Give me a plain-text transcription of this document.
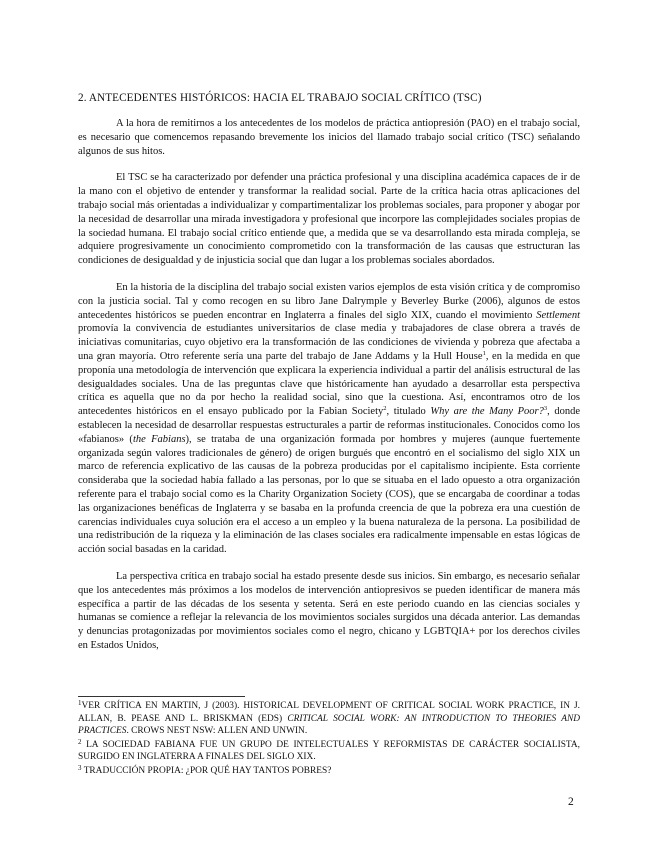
2. ANTECEDENTES HISTÓRICOS: HACIA EL TRABAJO SOCIAL CRÍTICO (TSC)

A la hora de remitirnos a los antecedentes de los modelos de práctica antiopresión (PAO) en el trabajo social, es necesario que comencemos repasando brevemente los inicios del llamado trabajo social crítico (TSC) señalando algunos de sus hitos.

El TSC se ha caracterizado por defender una práctica profesional y una disciplina académica capaces de ir de la mano con el objetivo de entender y transformar la realidad social. Parte de la crítica hacia otras aplicaciones del trabajo social más orientadas a individualizar y compartimentalizar los problemas sociales, para proponer y abogar por la necesidad de desarrollar una mirada investigadora y profesional que incorpore las complejidades sociales propias de la sociedad humana. El trabajo social crítico entiende que, a medida que se va desarrollando esta mirada compleja, se adquiere progresivamente un conocimiento comprometido con la transformación de las causas que estructuran las condiciones de desigualdad y de injusticia social que dan lugar a los problemas sociales abordados.

En la historia de la disciplina del trabajo social existen varios ejemplos de esta visión crítica y de compromiso con la justicia social. Tal y como recogen en su libro Jane Dalrymple y Beverley Burke (2006), algunos de estos antecedentes históricos se pueden encontrar en Inglaterra a finales del siglo XIX, cuando el movimiento Settlement promovía la convivencia de estudiantes universitarios de clase media y trabajadores de clase obrera a través de iniciativas comunitarias, cuyo objetivo era la transformación de las condiciones de vivienda y pobreza que afectaba a una gran mayoría. Otro referente sería una parte del trabajo de Jane Addams y la Hull House$^1$, en la medida en que proponía una metodología de intervención que explicara la experiencia individual a partir del análisis estructural de las desigualdades sociales. Una de las preguntas clave que históricamente han ayudado a desarrollar esta perspectiva crítica es aquella que no da por hecho la realidad social, sino que la cuestiona. Así, encontramos otro de los antecedentes históricos en el ensayo publicado por la Fabian Society$^2$, titulado Why are the Many Poor?$^3$, donde establecen la necesidad de desarrollar respuestas estructurales a partir de reformas institucionales. Conocidos como los «fabianos» (the Fabians), se trataba de una organización formada por hombres y mujeres (aunque fuertemente organizada según valores tradicionales de género) de origen burgués que encontró en el socialismo del siglo XIX un marco de referencia explicativo de las causas de la pobreza producidas por el capitalismo incipiente. Esta corriente consideraba que la sociedad había fallado a las personas, por lo que se situaba en el lado opuesto a otra organización referente para el trabajo social como es la Charity Organization Society (COS), que se encargaba de coordinar a todas las organizaciones benéficas de Inglaterra y se basaba en la profunda creencia de que la pobreza era una cuestión de carencias individuales cuya solución era el acceso a un empleo y la buena naturaleza de la persona. La posibilidad de una redistribución de la riqueza y la eliminación de las clases sociales era radicalmente impensable en estas lógicas de acción social basadas en la caridad.

La perspectiva crítica en trabajo social ha estado presente desde sus inicios. Sin embargo, es necesario señalar que los antecedentes más próximos a los modelos de intervención antiopresivos se pueden identificar de manera más específica a partir de las décadas de los sesenta y setenta. Será en este periodo cuando en las ciencias sociales y humanas se comience a reflejar la relevancia de los movimientos sociales surgidos una década anterior. Las demandas y denuncias protagonizadas por movimientos sociales como el negro, chicano y LGBTQIA+ por los derechos civiles en Estados Unidos,

$^1$VER CRÍTICA EN MARTIN, J (2003). HISTORICAL DEVELOPMENT OF CRITICAL SOCIAL WORK PRACTICE, IN J. ALLAN, B. PEASE AND L. BRISKMAN (EDS) CRITICAL SOCIAL WORK: AN INTRODUCTION TO THEORIES AND PRACTICES. CROWS NEST NSW: ALLEN AND UNWIN.
$^2$ LA SOCIEDAD FABIANA FUE UN GRUPO DE INTELECTUALES Y REFORMISTAS DE CARÁCTER SOCIALISTA, SURGIDO EN INGLATERRA A FINALES DEL SIGLO XIX.
$^3$ TRADUCCIÓN PROPIA: ¿POR QUÉ HAY TANTOS POBRES?
2
